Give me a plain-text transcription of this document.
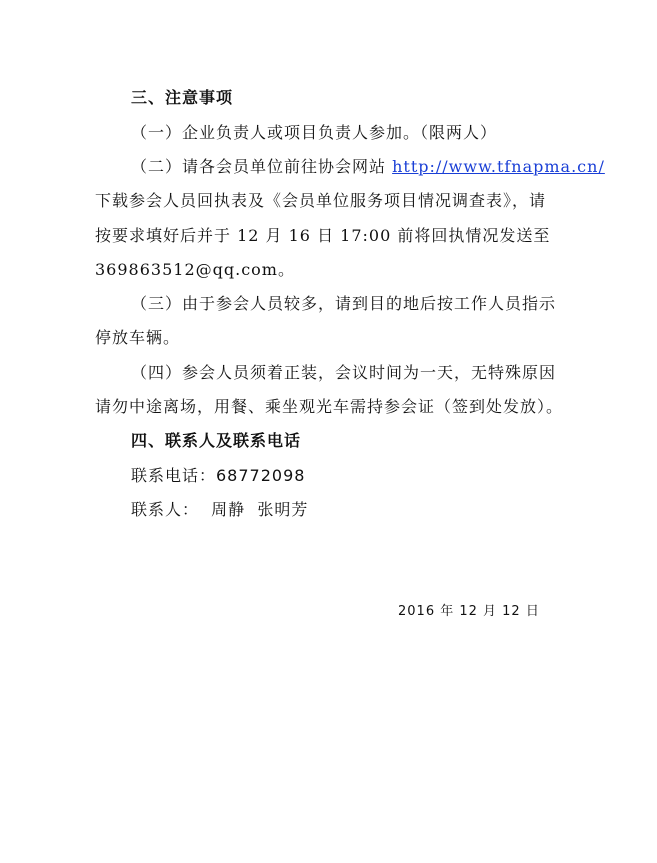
三、注意事项
（一）企业负责人或项目负责人参加。（限两人）
（二）请各会员单位前往协会网站 http://www.tfnapma.cn/
下载参会人员回执表及《会员单位服务项目情况调查表》，请
按要求填好后并于 12 月 16 日 17:00 前将回执情况发送至
369863512@qq.com。
（三）由于参会人员较多，请到目的地后按工作人员指示
停放车辆。
（四）参会人员须着正装，会议时间为一天，无特殊原因
请勿中途离场，用餐、乘坐观光车需持参会证（签到处发放）。
四、联系人及联系电话
联系电话：68772098
联系人：  周静  张明芳
2016 年 12 月 12 日
